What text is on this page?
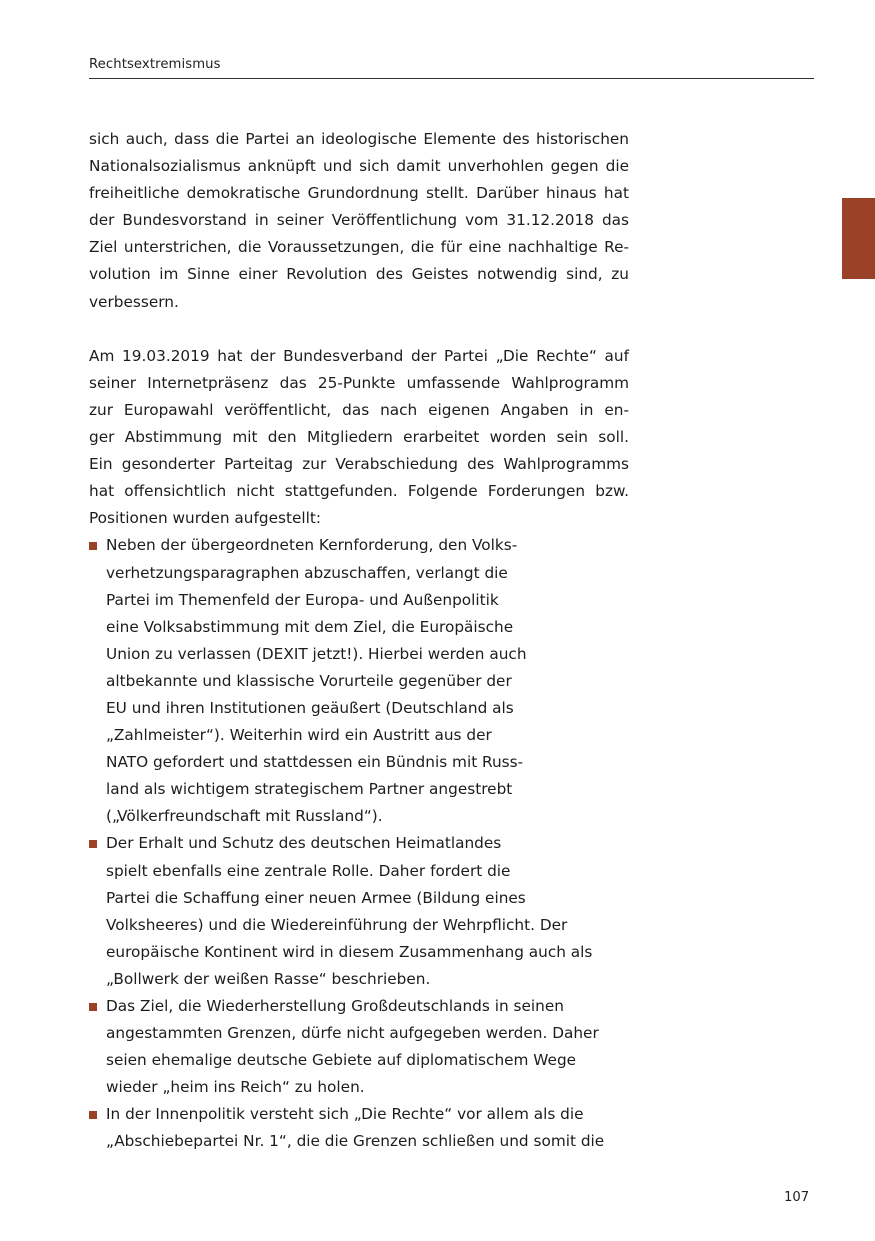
Rechtsextremismus

sich auch, dass die Partei an ideologische Elemente des historischen
Nationalsozialismus anknüpft und sich damit unverhohlen gegen die
freiheitliche demokratische Grundordnung stellt. Darüber hinaus hat
der Bundesvorstand in seiner Veröffentlichung vom 31.12.2018 das
Ziel unterstrichen, die Voraussetzungen, die für eine nachhaltige Re-
volution im Sinne einer Revolution des Geistes notwendig sind, zu
verbessern.

Am 19.03.2019 hat der Bundesverband der Partei „Die Rechte“ auf
seiner Internetpräsenz das 25-Punkte umfassende Wahlprogramm
zur Europawahl veröffentlicht, das nach eigenen Angaben in en-
ger Abstimmung mit den Mitgliedern erarbeitet worden sein soll.
Ein gesonderter Parteitag zur Verabschiedung des Wahlprogramms
hat offensichtlich nicht stattgefunden. Folgende Forderungen bzw.
Positionen wurden aufgestellt:

Neben der übergeordneten Kernforderung, den Volks-
verhetzungsparagraphen abzuschaffen, verlangt die
Partei im Themenfeld der Europa- und Außenpolitik
eine Volksabstimmung mit dem Ziel, die Europäische
Union zu verlassen (DEXIT jetzt!). Hierbei werden auch
altbekannte und klassische Vorurteile gegenüber der
EU und ihren Institutionen geäußert (Deutschland als
„Zahlmeister“). Weiterhin wird ein Austritt aus der
NATO gefordert und stattdessen ein Bündnis mit Russ-
land als wichtigem strategischem Partner angestrebt
(„Völkerfreundschaft mit Russland“).
Der Erhalt und Schutz des deutschen Heimatlandes
spielt ebenfalls eine zentrale Rolle. Daher fordert die
Partei die Schaffung einer neuen Armee (Bildung eines
Volksheeres) und die Wiedereinführung der Wehrpflicht. Der
europäische Kontinent wird in diesem Zusammenhang auch als
„Bollwerk der weißen Rasse“ beschrieben.
Das Ziel, die Wiederherstellung Großdeutschlands in seinen
angestammten Grenzen, dürfe nicht aufgegeben werden. Daher
seien ehemalige deutsche Gebiete auf diplomatischem Wege
wieder „heim ins Reich“ zu holen.
In der Innenpolitik versteht sich „Die Rechte“ vor allem als die
„Abschiebepartei Nr. 1“, die die Grenzen schließen und somit die
107
